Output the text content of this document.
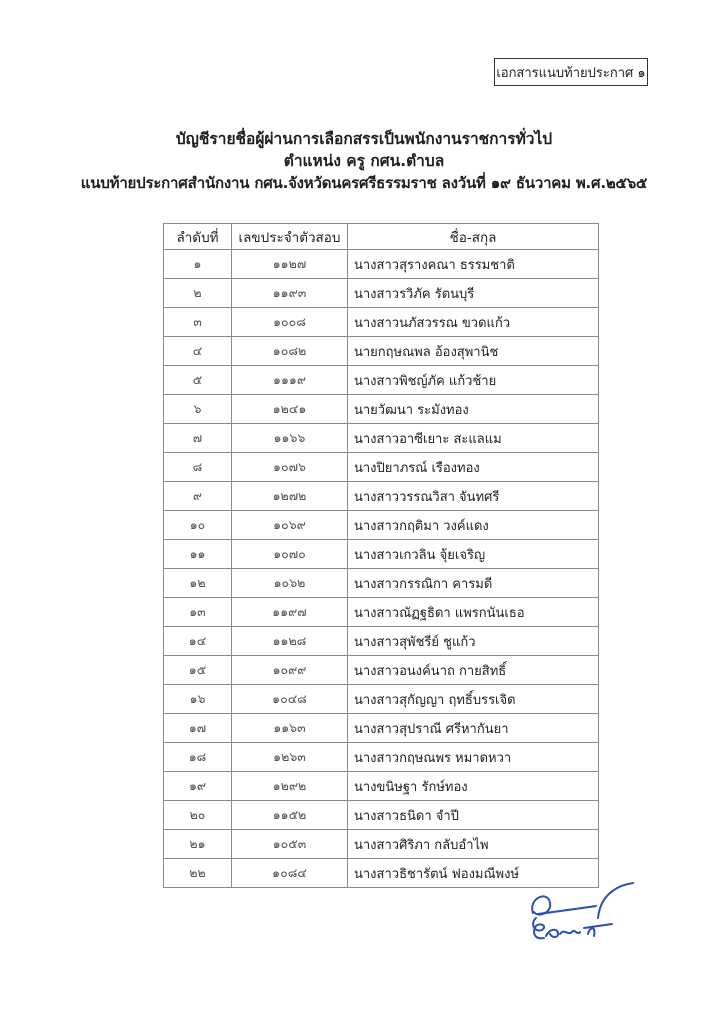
เอกสารแนบท้ายประกาศ ๑
บัญชีรายชื่อผู้ผ่านการเลือกสรรเป็นพนักงานราชการทั่วไป
ตำแหน่ง ครู กศน.ตำบล
แนบท้ายประกาศสำนักงาน กศน.จังหวัดนครศรีธรรมราช ลงวันที่ ๑๙ ธันวาคม พ.ศ.๒๕๖๕
ลำดับที่	เลขประจำตัวสอบ	ชื่อ-สกุล
๑	๑๑๒๗	นางสาวสุรางคณา ธรรมชาติ
๒	๑๑๙๓	นางสาวรวิภัค รัตนบุรี
๓	๑๐๐๘	นางสาวนภัสวรรณ ขวดแก้ว
๔	๑๐๘๒	นายกฤษณพล อ้องสุพานิช
๕	๑๑๑๙	นางสาวพิชญ์ภัค แก้วช้าย
๖	๑๒๔๑	นายวัฒนา ระมังทอง
๗	๑๑๖๖	นางสาวอาซีเยาะ สะแลแม
๘	๑๐๗๖	นางปิยาภรณ์ เรืองทอง
๙	๑๒๗๒	นางสาววรรณวิสา จันทศรี
๑๐	๑๐๖๙	นางสาวกฤติมา วงค์แดง
๑๑	๑๐๗๐	นางสาวเกวลิน จุ้ยเจริญ
๑๒	๑๐๖๒	นางสาวกรรณิกา คารมดี
๑๓	๑๑๙๗	นางสาวณัฏฐธิดา แพรกนันเธอ
๑๔	๑๑๒๘	นางสาวสุพัชรีย์ ชูแก้ว
๑๕	๑๐๙๙	นางสาวอนงค์นาถ กายสิทธิ์
๑๖	๑๐๔๘	นางสาวสุกัญญา ฤทธิ์บรรเจิด
๑๗	๑๑๖๓	นางสาวสุปราณี ศรีหากันยา
๑๘	๑๒๖๓	นางสาวกฤษณพร หมาดหวา
๑๙	๑๒๙๒	นางขนิษฐา รักษ์ทอง
๒๐	๑๑๕๒	นางสาวธนิดา จำปี
๒๑	๑๐๕๓	นางสาวศิริภา กลับอำไพ
๒๒	๑๐๘๔	นางสาวธิชารัตน์ ฟองมณีพงษ์
